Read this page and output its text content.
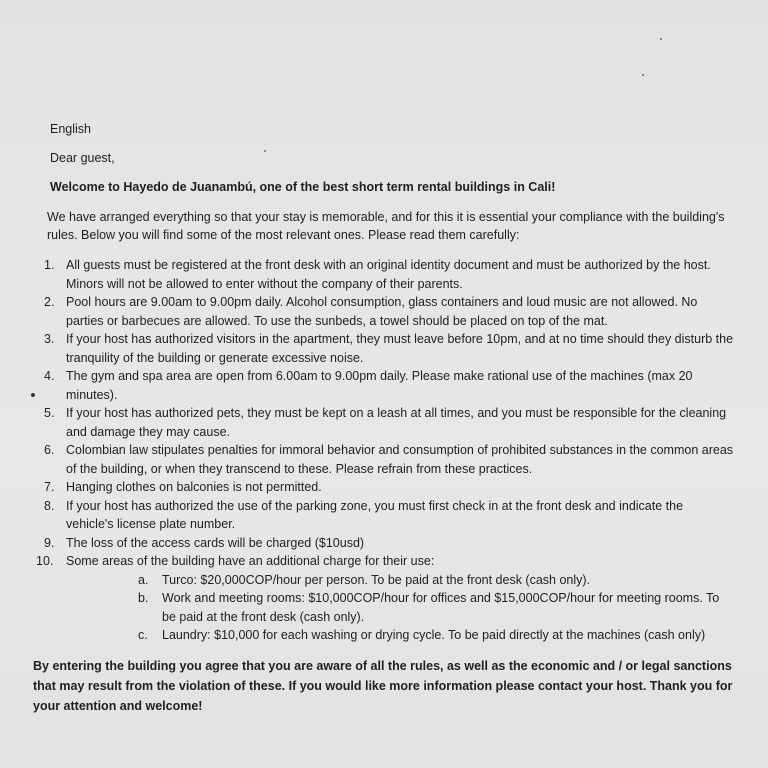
English
Dear guest,
Welcome to Hayedo de Juanambú, one of the best short term rental buildings in Cali!
We have arranged everything so that your stay is memorable, and for this it is essential your compliance with the building's rules. Below you will find some of the most relevant ones. Please read them carefully:
1. All guests must be registered at the front desk with an original identity document and must be authorized by the host. Minors will not be allowed to enter without the company of their parents.
2. Pool hours are 9.00am to 9.00pm daily. Alcohol consumption, glass containers and loud music are not allowed. No parties or barbecues are allowed. To use the sunbeds, a towel should be placed on top of the mat.
3. If your host has authorized visitors in the apartment, they must leave before 10pm, and at no time should they disturb the tranquility of the building or generate excessive noise.
4. The gym and spa area are open from 6.00am to 9.00pm daily. Please make rational use of the machines (max 20 minutes).
5. If your host has authorized pets, they must be kept on a leash at all times, and you must be responsible for the cleaning and damage they may cause.
6. Colombian law stipulates penalties for immoral behavior and consumption of prohibited substances in the common areas of the building, or when they transcend to these. Please refrain from these practices.
7. Hanging clothes on balconies is not permitted.
8. If your host has authorized the use of the parking zone, you must first check in at the front desk and indicate the vehicle's license plate number.
9. The loss of the access cards will be charged ($10usd)
10. Some areas of the building have an additional charge for their use:
a. Turco: $20,000COP/hour per person. To be paid at the front desk (cash only).
b. Work and meeting rooms: $10,000COP/hour for offices and $15,000COP/hour for meeting rooms. To be paid at the front desk (cash only).
c. Laundry: $10,000 for each washing or drying cycle. To be paid directly at the machines (cash only)
By entering the building you agree that you are aware of all the rules, as well as the economic and / or legal sanctions that may result from the violation of these. If you would like more information please contact your host. Thank you for your attention and welcome!
